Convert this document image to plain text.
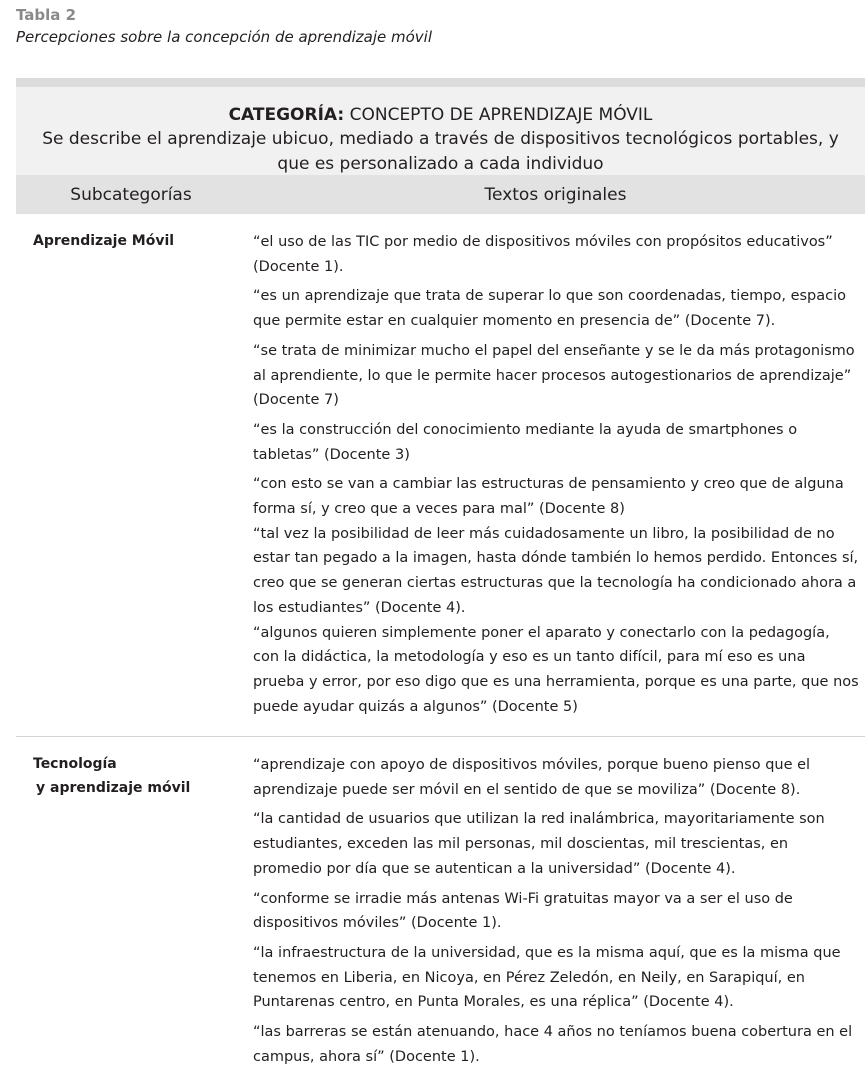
Tabla 2
Percepciones sobre la concepción de aprendizaje móvil
CATEGORÍA: CONCEPTO DE APRENDIZAJE MÓVIL
Se describe el aprendizaje ubicuo, mediado a través de dispositivos tecnológicos portables, y que es personalizado a cada individuo
Subcategorías	Textos originales
Aprendizaje Móvil	“el uso de las TIC por medio de dispositivos móviles con propósitos educativos” (Docente 1).

“es un aprendizaje que trata de superar lo que son coordenadas, tiempo, espacio que permite estar en cualquier momento en presencia de” (Docente 7).

“se trata de minimizar mucho el papel del enseñante y se le da más protagonismo al aprendiente, lo que le permite hacer procesos autogestionarios de aprendizaje” (Docente 7)

“es la construcción del conocimiento mediante la ayuda de smartphones o tabletas” (Docente 3)

“con esto se van a cambiar las estructuras de pensamiento y creo que de alguna forma sí, y creo que a veces para mal” (Docente 8)

“tal vez la posibilidad de leer más cuidadosamente un libro, la posibilidad de no estar tan pegado a la imagen, hasta dónde también lo hemos perdido. Entonces sí, creo que se generan ciertas estructuras que la tecnología ha condicionado ahora a los estudiantes” (Docente 4).

“algunos quieren simplemente poner el aparato y conectarlo con la pedagogía, con la didáctica, la metodología y eso es un tanto difícil, para mí eso es una prueba y error, por eso digo que es una herramienta, porque es una parte, que nos puede ayudar quizás a algunos” (Docente 5)

Tecnología
y aprendizaje móvil

“aprendizaje con apoyo de dispositivos móviles, porque bueno pienso que el aprendizaje puede ser móvil en el sentido de que se moviliza” (Docente 8).

“la cantidad de usuarios que utilizan la red inalámbrica, mayoritariamente son estudiantes, exceden las mil personas, mil doscientas, mil trescientas, en promedio por día que se autentican a la universidad” (Docente 4).

“conforme se irradie más antenas Wi-Fi gratuitas mayor va a ser el uso de dispositivos móviles” (Docente 1).

“la infraestructura de la universidad, que es la misma aquí, que es la misma que tenemos en Liberia, en Nicoya, en Pérez Zeledón, en Neily, en Sarapiquí, en Puntarenas centro, en Punta Morales, es una réplica” (Docente 4).

“las barreras se están atenuando, hace 4 años no teníamos buena cobertura en el campus, ahora sí” (Docente 1).
